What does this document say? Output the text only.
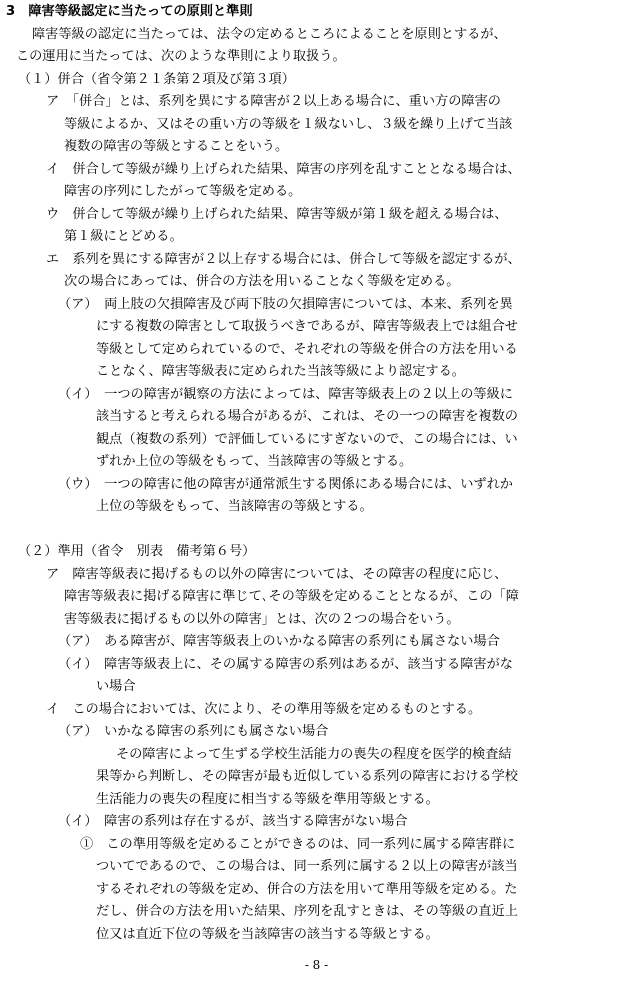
3　障害等級認定に当たっての原則と準則
障害等級の認定に当たっては、法令の定めるところによることを原則とするが、
この運用に当たっては、次のような準則により取扱う。
（１）併合（省令第２１条第２項及び第３項）
ア　「併合」とは、系列を異にする障害が２以上ある場合に、重い方の障害の
等級によるか、又はその重い方の等級を１級ないし、３級を繰り上げて当該
複数の障害の等級とすることをいう。
イ　併合して等級が繰り上げられた結果、障害の序列を乱すこととなる場合は、
障害の序列にしたがって等級を定める。
ウ　併合して等級が繰り上げられた結果、障害等級が第１級を超える場合は、
第１級にとどめる。
エ　系列を異にする障害が２以上存する場合には、併合して等級を認定するが、
次の場合にあっては、併合の方法を用いることなく等級を定める。
（ア）　両上肢の欠損障害及び両下肢の欠損障害については、本来、系列を異
にする複数の障害として取扱うべきであるが、障害等級表上では組合せ
等級として定められているので、それぞれの等級を併合の方法を用いる
ことなく、障害等級表に定められた当該等級により認定する。
（イ）　一つの障害が観察の方法によっては、障害等級表上の２以上の等級に
該当すると考えられる場合があるが、これは、その一つの障害を複数の
観点（複数の系列）で評価しているにすぎないので、この場合には、い
ずれか上位の等級をもって、当該障害の等級とする。
（ウ）　一つの障害に他の障害が通常派生する関係にある場合には、いずれか
上位の等級をもって、当該障害の等級とする。
（２）準用（省令　別表　備考第６号）
ア　障害等級表に掲げるもの以外の障害については、その障害の程度に応じ、
障害等級表に掲げる障害に準じて､その等級を定めることとなるが、この「障
害等級表に掲げるもの以外の障害」とは、次の２つの場合をいう。
（ア）　ある障害が、障害等級表上のいかなる障害の系列にも属さない場合
（イ）　障害等級表上に、その属する障害の系列はあるが、該当する障害がな
い場合
イ　この場合においては、次により、その準用等級を定めるものとする。
（ア）　いかなる障害の系列にも属さない場合
その障害によって生ずる学校生活能力の喪失の程度を医学的検査結
果等から判断し、その障害が最も近似している系列の障害における学校
生活能力の喪失の程度に相当する等級を準用等級とする。
（イ）　障害の系列は存在するが、該当する障害がない場合
①　この準用等級を定めることができるのは、同一系列に属する障害群に
ついてであるので、この場合は、同一系列に属する２以上の障害が該当
するそれぞれの等級を定め、併合の方法を用いて準用等級を定める。た
だし、併合の方法を用いた結果、序列を乱すときは、その等級の直近上
位又は直近下位の等級を当該障害の該当する等級とする。
- 8 -
